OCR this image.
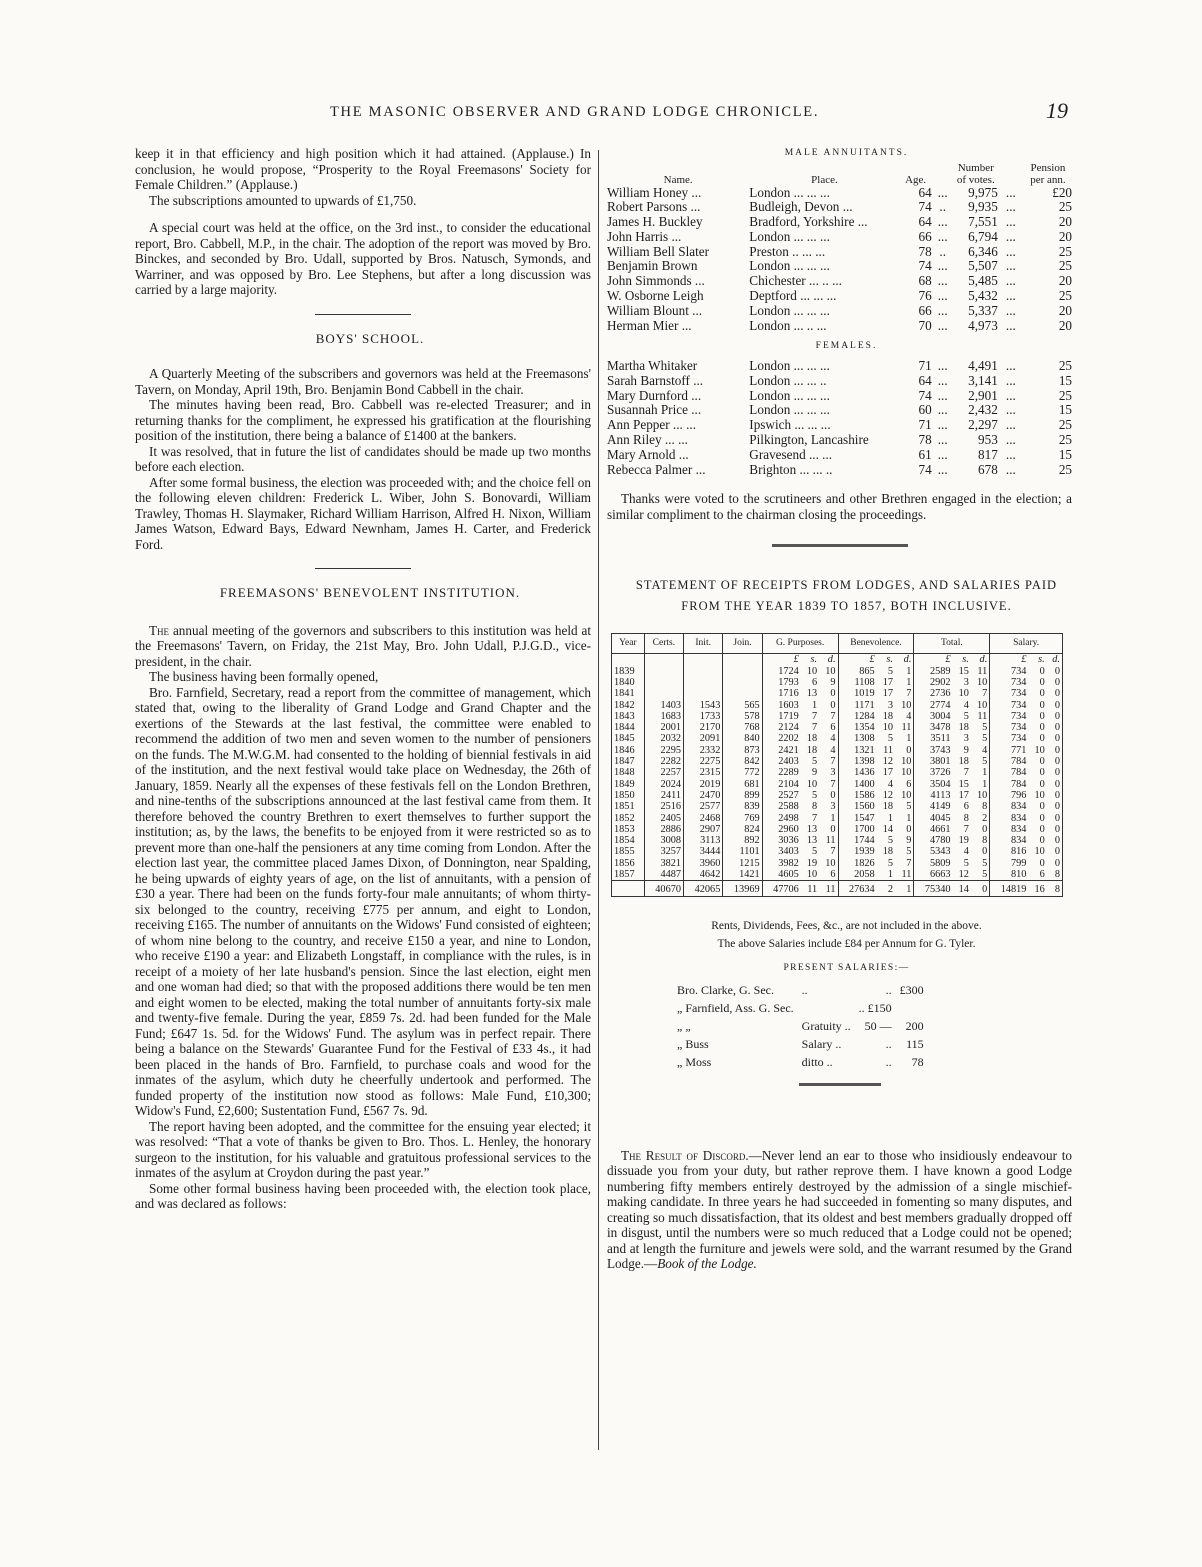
THE MASONIC OBSERVER AND GRAND LODGE CHRONICLE.	19

keep it in that efficiency and high position which it had attained. (Applause.) In conclusion, he would propose, “Prosperity to the Royal Freemasons' Society for Female Children.” (Applause.)

The subscriptions amounted to upwards of £1,750.

A special court was held at the office, on the 3rd inst., to consider the educational report, Bro. Cabbell, M.P., in the chair. The adoption of the report was moved by Bro. Binckes, and seconded by Bro. Udall, supported by Bros. Natusch, Symonds, and Warriner, and was opposed by Bro. Lee Stephens, but after a long discussion was carried by a large majority.

BOYS' SCHOOL.

A Quarterly Meeting of the subscribers and governors was held at the Freemasons' Tavern, on Monday, April 19th, Bro. Benjamin Bond Cabbell in the chair.

The minutes having been read, Bro. Cabbell was re-elected Treasurer; and in returning thanks for the compliment, he expressed his gratification at the flourishing position of the institution, there being a balance of £1400 at the bankers.

It was resolved, that in future the list of candidates should be made up two months before each election.

After some formal business, the election was proceeded with; and the choice fell on the following eleven children: Frederick L. Wiber, John S. Bonovardi, William Trawley, Thomas H. Slaymaker, Richard William Harrison, Alfred H. Nixon, William James Watson, Edward Bays, Edward Newnham, James H. Carter, and Frederick Ford.

FREEMASONS' BENEVOLENT INSTITUTION.

The annual meeting of the governors and subscribers to this institution was held at the Freemasons' Tavern, on Friday, the 21st May, Bro. John Udall, P.J.G.D., vice-president, in the chair.

The business having been formally opened,

Bro. Farnfield, Secretary, read a report from the committee of management, which stated that, owing to the liberality of Grand Lodge and Grand Chapter and the exertions of the Stewards at the last festival, the committee were enabled to recommend the addition of two men and seven women to the number of pensioners on the funds. The M.W.G.M. had consented to the holding of biennial festivals in aid of the institution, and the next festival would take place on Wednesday, the 26th of January, 1859. Nearly all the expenses of these festivals fell on the London Brethren, and nine-tenths of the subscriptions announced at the last festival came from them. It therefore behoved the country Brethren to exert themselves to further support the institution; as, by the laws, the benefits to be enjoyed from it were restricted so as to prevent more than one-half the pensioners at any time coming from London. After the election last year, the committee placed James Dixon, of Donnington, near Spalding, he being upwards of eighty years of age, on the list of annuitants, with a pension of £30 a year. There had been on the funds forty-four male annuitants; of whom thirty-six belonged to the country, receiving £775 per annum, and eight to London, receiving £165. The number of annuitants on the Widows' Fund consisted of eighteen; of whom nine belong to the country, and receive £150 a year, and nine to London, who receive £190 a year: and Elizabeth Longstaff, in compliance with the rules, is in receipt of a moiety of her late husband's pension. Since the last election, eight men and one woman had died; so that with the proposed additions there would be ten men and eight women to be elected, making the total number of annuitants forty-six male and twenty-five female. During the year, £859 7s. 2d. had been funded for the Male Fund; £647 1s. 5d. for the Widows' Fund. The asylum was in perfect repair. There being a balance on the Stewards' Guarantee Fund for the Festival of £33 4s., it had been placed in the hands of Bro. Farnfield, to purchase coals and wood for the inmates of the asylum, which duty he cheerfully undertook and performed. The funded property of the institution now stood as follows: Male Fund, £10,300; Widow's Fund, £2,600; Sustentation Fund, £567 7s. 9d.

The report having been adopted, and the committee for the ensuing year elected; it was resolved: “That a vote of thanks be given to Bro. Thos. L. Henley, the honorary surgeon to the institution, for his valuable and gratuitous professional services to the inmates of the asylum at Croydon during the past year.”

Some other formal business having been proceeded with, the election took place, and was declared as follows:

MALE ANNUITANTS.

Name.	Place.	Age.		Number of votes.		Pension per ann.
William Honey ...	London ... ... ...	64	...	9,975	...	£20
Robert Parsons ...	Budleigh, Devon ...	74	..	9,935	...	25
James H. Buckley	Bradford, Yorkshire ...	64	...	7,551	...	20
John Harris ...	London ... ... ...	66	...	6,794	...	20
William Bell Slater	Preston .. ... ...	78	..	6,346	...	25
Benjamin Brown	London ... ... ...	74	...	5,507	...	25
John Simmonds ...	Chichester ... .. ...	68	...	5,485	...	20
W. Osborne Leigh	Deptford ... ... ...	76	...	5,432	...	25
William Blount ...	London ... ... ...	66	...	5,337	...	20
Herman Mier ...	London ... .. ...	70	...	4,973	...	20

FEMALES.

Martha Whitaker	London ... ... ...	71	...	4,491	...	25
Sarah Barnstoff ...	London ... ... ..	64	...	3,141	...	15
Mary Durnford ...	London ... ... ...	74	...	2,901	...	25
Susannah Price ...	London ... ... ...	60	...	2,432	...	15
Ann Pepper ... ...	Ipswich ... ... ...	71	...	2,297	...	25
Ann Riley ... ...	Pilkington, Lancashire	78	...	953	...	25
Mary Arnold ...	Gravesend ... ...	61	...	817	...	15
Rebecca Palmer ...	Brighton ... ... ..	74	...	678	...	25

Thanks were voted to the scrutineers and other Brethren engaged in the election; a similar compliment to the chairman closing the proceedings.

STATEMENT OF RECEIPTS FROM LODGES, AND SALARIES PAID

FROM THE YEAR 1839 TO 1857, BOTH INCLUSIVE.

Year	Certs.	Init.	Join.	G. Purposes.			Benevolence.			Total.			Salary.		
				£	s.	d.	£	s.	d.	£	s.	d.	£	s.	d.
1839				1724	10	10	865	5	1	2589	15	11	734	0	0
1840				1793	6	9	1108	17	1	2902	3	10	734	0	0
1841				1716	13	0	1019	17	7	2736	10	7	734	0	0
1842	1403	1543	565	1603	1	0	1171	3	10	2774	4	10	734	0	0
1843	1683	1733	578	1719	7	7	1284	18	4	3004	5	11	734	0	0
1844	2001	2170	768	2124	7	6	1354	10	11	3478	18	5	734	0	0
1845	2032	2091	840	2202	18	4	1308	5	1	3511	3	5	734	0	0
1846	2295	2332	873	2421	18	4	1321	11	0	3743	9	4	771	10	0
1847	2282	2275	842	2403	5	7	1398	12	10	3801	18	5	784	0	0
1848	2257	2315	772	2289	9	3	1436	17	10	3726	7	1	784	0	0
1849	2024	2019	681	2104	10	7	1400	4	6	3504	15	1	784	0	0
1850	2411	2470	899	2527	5	0	1586	12	10	4113	17	10	796	10	0
1851	2516	2577	839	2588	8	3	1560	18	5	4149	6	8	834	0	0
1852	2405	2468	769	2498	7	1	1547	1	1	4045	8	2	834	0	0
1853	2886	2907	824	2960	13	0	1700	14	0	4661	7	0	834	0	0
1854	3008	3113	892	3036	13	11	1744	5	9	4780	19	8	834	0	0
1855	3257	3444	1101	3403	5	7	1939	18	5	5343	4	0	816	10	0
1856	3821	3960	1215	3982	19	10	1826	5	7	5809	5	5	799	0	0
1857	4487	4642	1421	4605	10	6	2058	1	11	6663	12	5	810	6	8
	40670	42065	13969	47706	11	11	27634	2	1	75340	14	0	14819	16	8

Rents, Dividends, Fees, &c., are not included in the above.

The above Salaries include £84 per Annum for G. Tyler.

PRESENT SALARIES:—

Bro. Clarke, G. Sec.	..	..	£300
„ Farnfield, Ass. G. Sec.		.. £150	
„ „	Gratuity ..	50 —	200
„ Buss	Salary ..	..	115
„ Moss	ditto ..	..	78

The Result of Discord.—Never lend an ear to those who insidiously endeavour to dissuade you from your duty, but rather reprove them. I have known a good Lodge numbering fifty members entirely destroyed by the admission of a single mischief-making candidate. In three years he had succeeded in fomenting so many disputes, and creating so much dissatisfaction, that its oldest and best members gradually dropped off in disgust, until the numbers were so much reduced that a Lodge could not be opened; and at length the furniture and jewels were sold, and the warrant resumed by the Grand Lodge.—Book of the Lodge.
